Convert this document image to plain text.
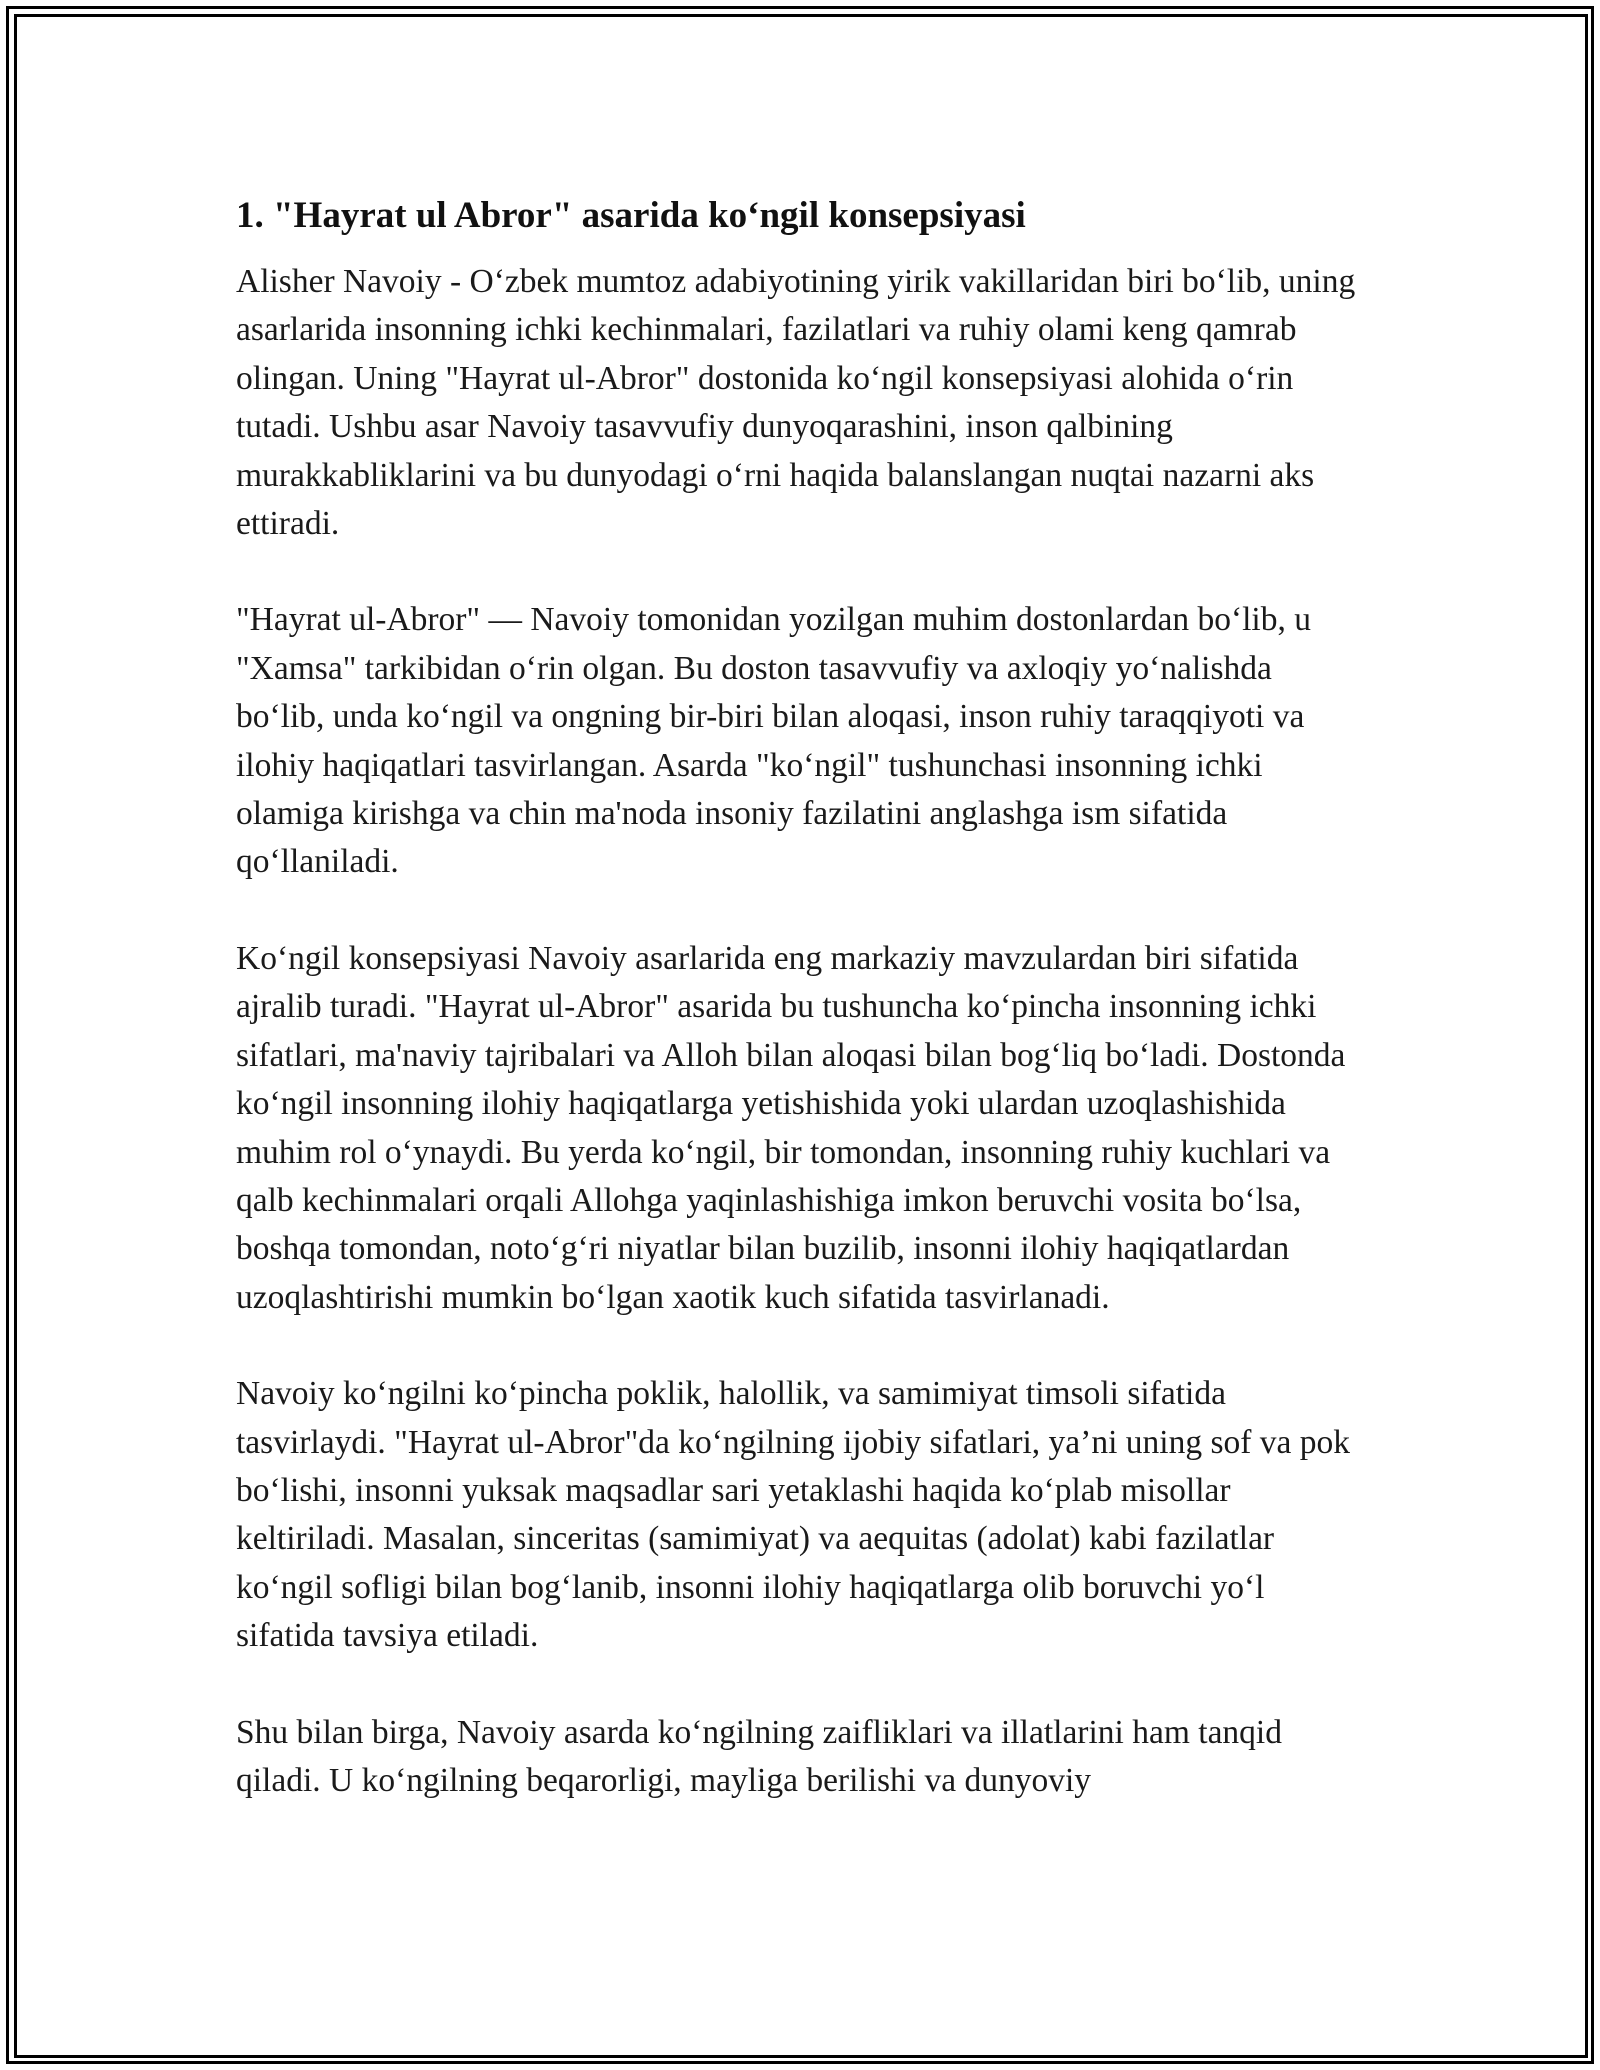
1. "Hayrat ul Abror" asarida ko‘ngil konsepsiyasi

Alisher Navoiy - O‘zbek mumtoz adabiyotining yirik vakillaridan biri bo‘lib, uning asarlarida insonning ichki kechinmalari, fazilatlari va ruhiy olami keng qamrab olingan. Uning "Hayrat ul-Abror" dostonida ko‘ngil konsepsiyasi alohida o‘rin tutadi. Ushbu asar Navoiy tasavvufiy dunyoqarashini, inson qalbining murakkabliklarini va bu dunyodagi o‘rni haqida balanslangan nuqtai nazarni aks ettiradi.

"Hayrat ul-Abror" — Navoiy tomonidan yozilgan muhim dostonlardan bo‘lib, u "Xamsa" tarkibidan o‘rin olgan. Bu doston tasavvufiy va axloqiy yo‘nalishda bo‘lib, unda ko‘ngil va ongning bir-biri bilan aloqasi, inson ruhiy taraqqiyoti va ilohiy haqiqatlari tasvirlangan. Asarda "ko‘ngil" tushunchasi insonning ichki olamiga kirishga va chin ma'noda insoniy fazilatini anglashga ism sifatida qo‘llaniladi.

Ko‘ngil konsepsiyasi Navoiy asarlarida eng markaziy mavzulardan biri sifatida ajralib turadi. "Hayrat ul-Abror" asarida bu tushuncha ko‘pincha insonning ichki sifatlari, ma'naviy tajribalari va Alloh bilan aloqasi bilan bog‘liq bo‘ladi. Dostonda ko‘ngil insonning ilohiy haqiqatlarga yetishishida yoki ulardan uzoqlashishida muhim rol o‘ynaydi. Bu yerda ko‘ngil, bir tomondan, insonning ruhiy kuchlari va qalb kechinmalari orqali Allohga yaqinlashishiga imkon beruvchi vosita bo‘lsa, boshqa tomondan, noto‘g‘ri niyatlar bilan buzilib, insonni ilohiy haqiqatlardan uzoqlashtirishi mumkin bo‘lgan xaotik kuch sifatida tasvirlanadi.

Navoiy ko‘ngilni ko‘pincha poklik, halollik, va samimiyat timsoli sifatida tasvirlaydi. "Hayrat ul-Abror"da ko‘ngilning ijobiy sifatlari, ya’ni uning sof va pok bo‘lishi, insonni yuksak maqsadlar sari yetaklashi haqida ko‘plab misollar keltiriladi. Masalan, sinceritas (samimiyat) va aequitas (adolat) kabi fazilatlar ko‘ngil sofligi bilan bog‘lanib, insonni ilohiy haqiqatlarga olib boruvchi yo‘l sifatida tavsiya etiladi.

Shu bilan birga, Navoiy asarda ko‘ngilning zaifliklari va illatlarini ham tanqid qiladi. U ko‘ngilning beqarorligi, mayliga berilishi va dunyoviy
